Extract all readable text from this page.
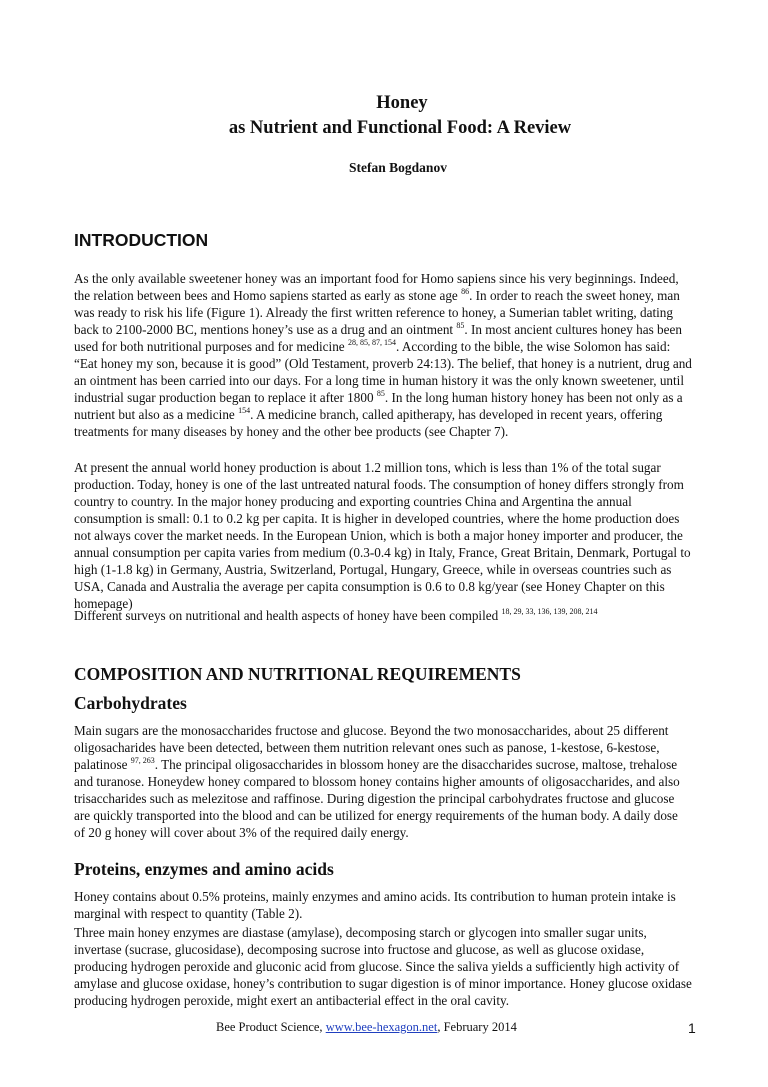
Honey
as Nutrient and Functional Food: A Review
Stefan Bogdanov
INTRODUCTION

As the only available sweetener honey was an important food for Homo sapiens since his very beginnings. Indeed, the relation between bees and Homo sapiens started as early as stone age $^{86}$. In order to reach the sweet honey, man was ready to risk his life (Figure 1). Already the first written reference to honey, a Sumerian tablet writing, dating back to 2100-2000 BC, mentions honey’s use as a drug and an ointment $^{85}$. In most ancient cultures honey has been used for both nutritional purposes and for medicine $^{28, 85, 87, 154}$. According to the bible, the wise Solomon has said: “Eat honey my son, because it is good” (Old Testament, proverb 24:13). The belief, that honey is a nutrient, drug and an ointment has been carried into our days. For a long time in human history it was the only known sweetener, until industrial sugar production began to replace it after 1800 $^{85}$. In the long human history honey has been not only as a nutrient but also as a medicine $^{154}$. A medicine branch, called apitherapy, has developed in recent years, offering treatments for many diseases by honey and the other bee products (see Chapter 7).

At present the annual world honey production is about 1.2 million tons, which is less than 1% of the total sugar production. Today, honey is one of the last untreated natural foods. The consumption of honey differs strongly from country to country. In the major honey producing and exporting countries China and Argentina the annual consumption is small: 0.1 to 0.2 kg per capita. It is higher in developed countries, where the home production does not always cover the market needs. In the European Union, which is both a major honey importer and producer, the annual consumption per capita varies from medium (0.3-0.4 kg) in Italy, France, Great Britain, Denmark, Portugal to high (1-1.8 kg) in Germany, Austria, Switzerland, Portugal, Hungary, Greece, while in overseas countries such as USA, Canada and Australia the average per capita consumption is 0.6 to 0.8 kg/year (see Honey Chapter on this homepage)

Different surveys on nutritional and health aspects of honey have been compiled $^{18, 29, 33, 136, 139, 208, 214}$

COMPOSITION AND NUTRITIONAL REQUIREMENTS
Carbohydrates

Main sugars are the monosaccharides fructose and glucose. Beyond the two monosaccharides, about 25 different oligosacharides have been detected, between them nutrition relevant ones such as panose, 1-kestose, 6-kestose, palatinose $^{97, 263}$. The principal oligosaccharides in blossom honey are the disaccharides sucrose, maltose, trehalose and turanose. Honeydew honey compared to blossom honey contains higher amounts of oligosaccharides, and also trisaccharides such as melezitose and raffinose. During digestion the principal carbohydrates fructose and glucose are quickly transported into the blood and can be utilized for energy requirements of the human body. A daily dose of 20 g honey will cover about 3% of the required daily energy.

Proteins, enzymes and amino acids

Honey contains about 0.5% proteins, mainly enzymes and amino acids. Its contribution to human protein intake is marginal with respect to quantity (Table 2).

Three main honey enzymes are diastase (amylase), decomposing starch or glycogen into smaller sugar units, invertase (sucrase, glucosidase), decomposing sucrose into fructose and glucose, as well as glucose oxidase, producing hydrogen peroxide and gluconic acid from glucose. Since the saliva yields a sufficiently high activity of amylase and glucose oxidase, honey’s contribution to sugar digestion is of minor importance. Honey glucose oxidase producing hydrogen peroxide, might exert an antibacterial effect in the oral cavity.

Bee Product Science, www.bee-hexagon.net, February 2014	1
